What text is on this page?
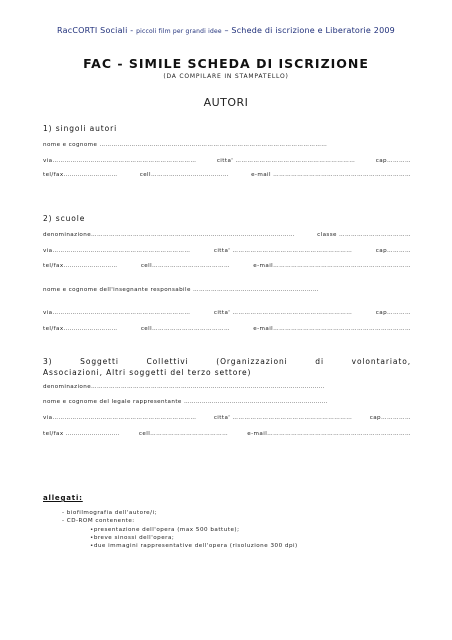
RacCORTI Sociali - piccoli film per grandi idee – Schede di iscrizione e Liberatorie 2009
FAC - SIMILE SCHEDA DI ISCRIZIONE
(DA COMPILARE IN STAMPATELLO)
AUTORI
1) singoli autori
nome e cognome ……………………………………………………………………………………………………
via………………………………………………………………	citta' ……………………………………………………	cap…………
tel/fax………………………	cell…………………………………	e-mail ……………………………………………………………
2) scuole
denominazione…………………………………………………………………………………………	classe ………………………………
via……………………………………………………………	citta' ……………………………………………………	cap…………
tel/fax………………………	cell…………………………………	e-mail……………………………………………………………
nome e cognome dell'insegnante responsabile ………………………………………………………
via……………………………………………………………	citta' ……………………………………………………	cap…………
tel/fax………………………	cell…………………………………	e-mail……………………………………………………………
3) Soggetti Collettivi (Organizzazioni di volontariato,
Associazioni, Altri soggetti del terzo settore)
denominazione………………………………………………………………………………………………………
nome e cognome del legale rappresentante ………………………………………………………………
via………………………………………………………………	citta' ……………………………………………………	cap……………
tel/fax ………………………	cell…………………………………	e-mail………………………………………………………………
allegati:
- biofilmografia dell'autore/i;
- CD-ROM contenente:
•presentazione dell'opera (max 500 battute);
•breve sinossi dell'opera;
•due immagini rappresentative dell'opera (risoluzione 300 dpi)
